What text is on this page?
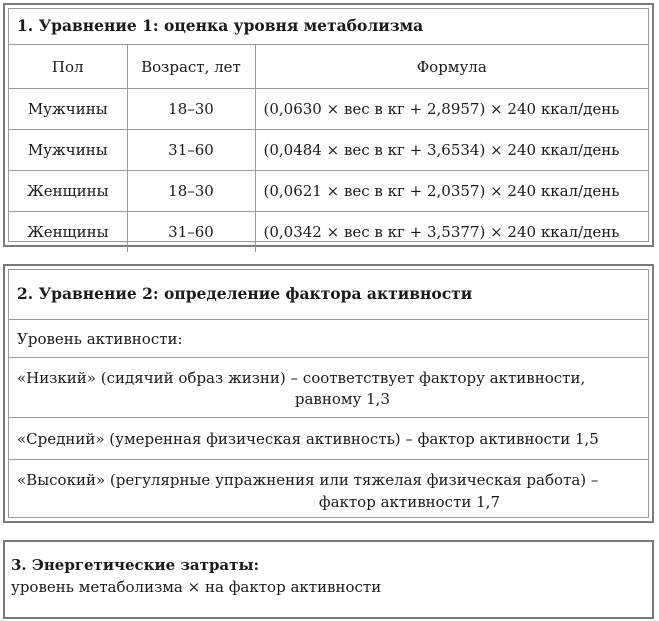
1. Уравнение 1: оценка уровня метаболизма
Пол	Возраст, лет	Формула
Мужчины	18–30	(0,0630 × вес в кг + 2,8957) × 240 ккал/день
Мужчины	31–60	(0,0484 × вес в кг + 3,6534) × 240 ккал/день
Женщины	18–30	(0,0621 × вес в кг + 2,0357) × 240 ккал/день
Женщины	31–60	(0,0342 × вес в кг + 3,5377) × 240 ккал/день
2. Уравнение 2: определение фактора активности
Уровень активности:
«Низкий» (сидячий образ жизни) – соответствует фактору активности,
равному 1,3
«Средний» (умеренная физическая активность) – фактор активности 1,5
«Высокий» (регулярные упражнения или тяжелая физическая работа) –
фактор активности 1,7
3. Энергетические затраты:
уровень метаболизма × на фактор активности
